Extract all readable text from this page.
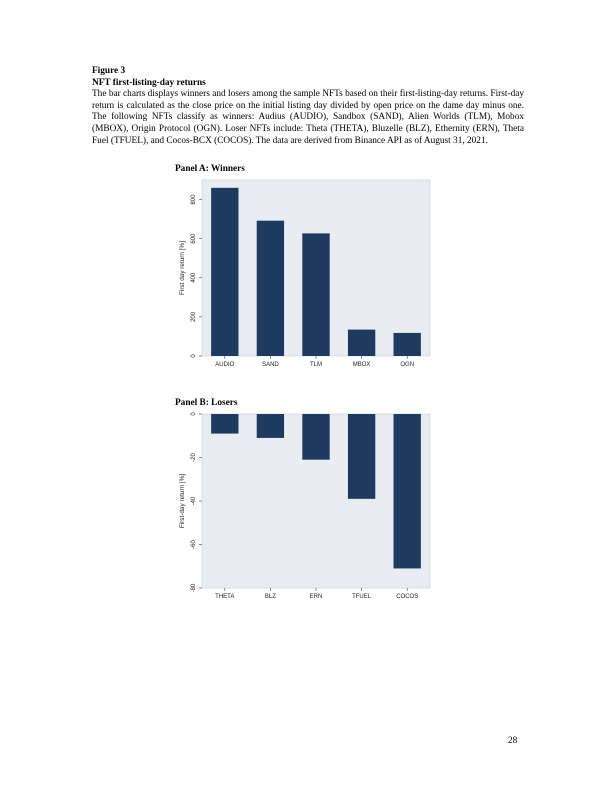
Figure 3
NFT first-listing-day returns

The bar charts displays winners and losers among the sample NFTs based on their first-listing-day returns. First-day return is calculated as the close price on the initial listing day divided by open price on the dame day minus one. The following NFTs classify as winners: Audius (AUDIO), Sandbox (SAND), Alien Worlds (TLM), Mobox (MBOX), Origin Protocol (OGN). Loser NFTs include: Theta (THETA), Bluzelle (BLZ), Ethernity (ERN), Theta Fuel (TFUEL), and Cocos-BCX (COCOS). The data are derived from Binance API as of August 31, 2021.

Panel A: Winners
0
200
400
600
800
First day return [%]
AUDIO	SAND	TLM	MBOX	OGN
Panel B: Losers
0
-20
-40
-60
-80
First-day return [%]
THETA	BLZ	ERN	TFUEL	COCOS
28
